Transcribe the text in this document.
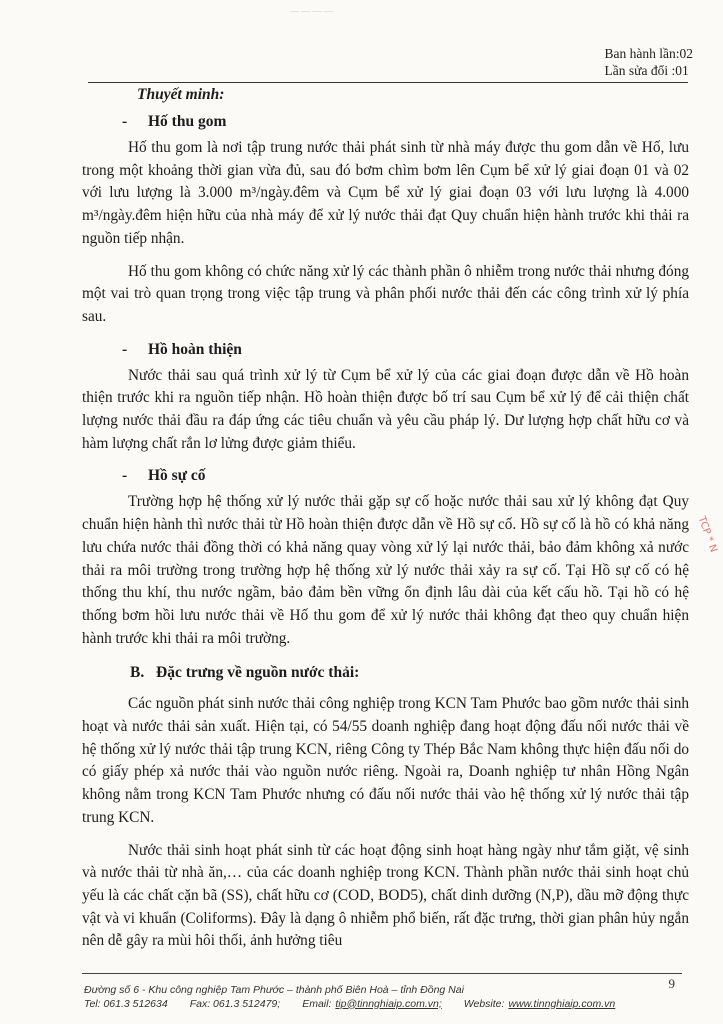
— — — —
Ban hành lần:02
Lần sửa đổi :01
Thuyết minh:
-	Hố thu gom

Hố thu gom là nơi tập trung nước thải phát sinh từ nhà máy được thu gom dẫn về Hố, lưu trong một khoảng thời gian vừa đủ, sau đó bơm chìm bơm lên Cụm bể xử lý giai đoạn 01 và 02 với lưu lượng là 3.000 m³/ngày.đêm và Cụm bể xử lý giai đoạn 03 với lưu lượng là 4.000 m³/ngày.đêm hiện hữu của nhà máy để xử lý nước thải đạt Quy chuẩn hiện hành trước khi thải ra nguồn tiếp nhận.

Hố thu gom không có chức năng xử lý các thành phần ô nhiễm trong nước thải nhưng đóng một vai trò quan trọng trong việc tập trung và phân phối nước thải đến các công trình xử lý phía sau.

-	Hồ hoàn thiện

Nước thải sau quá trình xử lý từ Cụm bể xử lý của các giai đoạn được dẫn về Hồ hoàn thiện trước khi ra nguồn tiếp nhận. Hồ hoàn thiện được bố trí sau Cụm bể xử lý để cải thiện chất lượng nước thải đầu ra đáp ứng các tiêu chuẩn và yêu cầu pháp lý. Dư lượng hợp chất hữu cơ và hàm lượng chất rắn lơ lửng được giảm thiểu.

-	Hồ sự cố

Trường hợp hệ thống xử lý nước thải gặp sự cố hoặc nước thải sau xử lý không đạt Quy chuẩn hiện hành thì nước thải từ Hồ hoàn thiện được dẫn về Hồ sự cố. Hồ sự cố là hồ có khả năng lưu chứa nước thải đồng thời có khả năng quay vòng xử lý lại nước thải, bảo đảm không xả nước thải ra môi trường trong trường hợp hệ thống xử lý nước thải xảy ra sự cố. Tại Hồ sự cố có hệ thống thu khí, thu nước ngầm, bảo đảm bền vững ổn định lâu dài của kết cấu hồ. Tại hồ có hệ thống bơm hồi lưu nước thải về Hố thu gom để xử lý nước thải không đạt theo quy chuẩn hiện hành trước khi thải ra môi trường.

B. Đặc trưng về nguồn nước thải:

Các nguồn phát sinh nước thải công nghiệp trong KCN Tam Phước bao gồm nước thải sinh hoạt và nước thải sản xuất. Hiện tại, có 54/55 doanh nghiệp đang hoạt động đấu nối nước thải về hệ thống xử lý nước thải tập trung KCN, riêng Công ty Thép Bắc Nam không thực hiện đấu nối do có giấy phép xả nước thải vào nguồn nước riêng. Ngoài ra, Doanh nghiệp tư nhân Hồng Ngân không nằm trong KCN Tam Phước nhưng có đấu nối nước thải vào hệ thống xử lý nước thải tập trung KCN.

Nước thải sinh hoạt phát sinh từ các hoạt động sinh hoạt hàng ngày như tắm giặt, vệ sinh và nước thải từ nhà ăn,… của các doanh nghiệp trong KCN. Thành phần nước thải sinh hoạt chủ yếu là các chất cặn bã (SS), chất hữu cơ (COD, BOD5), chất dinh dưỡng (N,P), dầu mỡ động thực vật và vi khuẩn (Coliforms). Đây là dạng ô nhiễm phổ biến, rất đặc trưng, thời gian phân hủy ngắn nên dễ gây ra mùi hôi thối, ảnh hưởng tiêu

TCP * N
9
Đường số 6 - Khu công nghiệp Tam Phước – thành phố Biên Hoà – tỉnh Đồng Nai
Tel: 061.3 512634 Fax: 061.3 512479; Email: tip@tinnghiaip.com.vn; Website: www.tinnghiaip.com.vn
